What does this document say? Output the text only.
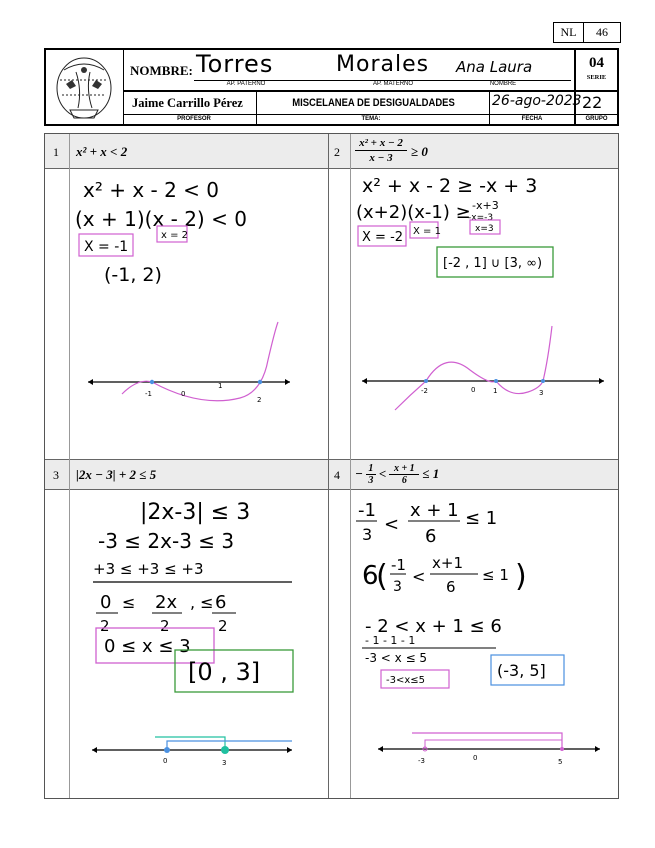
NL	46
NOMBRE: Torres	Morales Ana Laura
AP. PATERNO	AP. MATERNO	NOMBRE
04
SERIE
Jaime Carrillo Pérez
PROFESOR
MISCELANEA DE DESIGUALDADES
TEMA:
26-ago-2023
FECHA
22
GRUPO
1 x² + x < 2	$2 \frac{\text{x² + x − 2}}{x - 3} \ge 0$
3 |2x − 3| + 2 ≤ 5	$4 - \frac{1}{3} < \frac{x + 1}{6} \le 1$
x² + x - 2 < 0
(x + 1)(x - 2) < 0
X = -1
x = 2
(-1, 2)
-1	0
1
2
x² + x - 2 ≥ -x + 3
(x+2)(x-1) ≥ -x+3
-x=-3
X = -2 X = 1	x=3
[-2 , 1] ∪ [3, ∞)
-2	0	1	3
|2x-3| ≤ 3
-3 ≤ 2x-3 ≤ 3
+3 ≤ +3 ≤ +3
0 2x 6
≤	, ≤
2	2	2
0 ≤ x ≤ 3
[0 , 3]
0	3
-1
3 <
x + 1
6
≤ 1
6
( -1
3
<
x+1
6
≤ 1 )
- 2 < x + 1 ≤ 6
- 1 - 1 - 1
-3 < x ≤ 5
-3<x≤5
(-3, 5]
-3	0	5
